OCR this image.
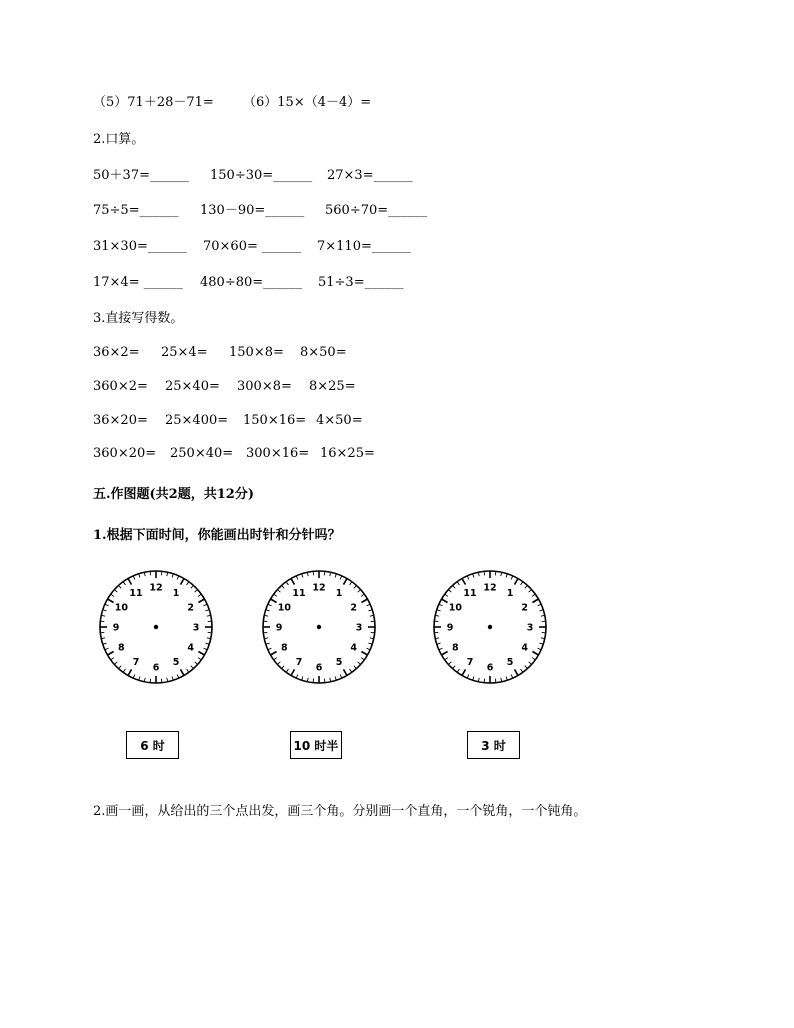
（5）71＋28－71= （6）15×（4－4）=
2.口算。
50＋37=______ 150÷30=______ 27×3=______
75÷5=______ 130－90=______ 560÷70=______
31×30=______ 70×60= ______ 7×110=______
17×4= ______ 480÷80=______ 51÷3=______
3.直接写得数。
36×2= 25×4= 150×8= 8×50=
360×2= 25×40= 300×8= 8×25=
36×20= 25×400= 150×16= 4×50=
360×20= 250×40= 300×16= 16×25=
五.作图题(共2题，共12分)
1.根据下面时间，你能画出时针和分针吗？
12 1
2
3
4
5
6
7
8
9
10
11	12 1
2
3
4
5
6
7
8
9
10
11	12 1
2
3
4
5
6
7
8
9
10
11
6 时	10 时半	3 时
2.画一画，从给出的三个点出发，画三个角。分别画一个直角，一个锐角，一个钝角。
